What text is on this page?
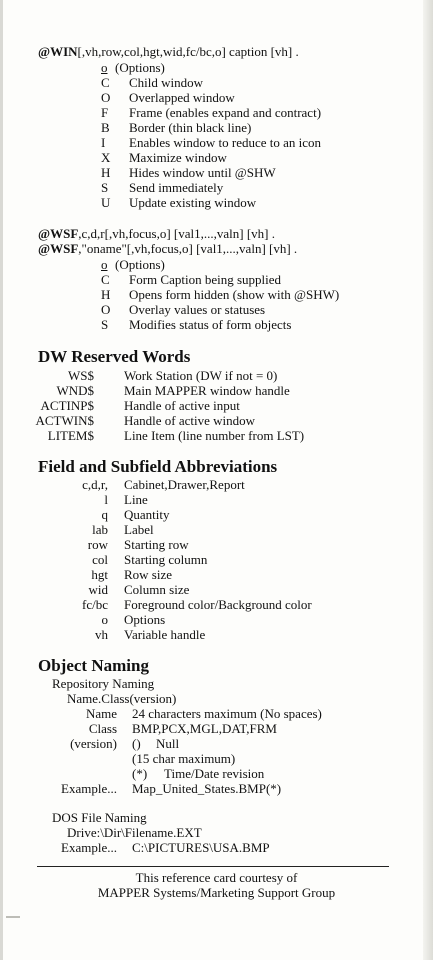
@WIN[,vh,row,col,hgt,wid,fc/bc,o] caption [vh] .
o (Options)
C Child window
O Overlapped window
F Frame (enables expand and contract)
B Border (thin black line)
I Enables window to reduce to an icon
X Maximize window
H Hides window until @SHW
S Send immediately
U Update existing window
@WSF,c,d,r[,vh,focus,o] [val1,...,valn] [vh] .
@WSF,"oname"[,vh,focus,o] [val1,...,valn] [vh] .
o (Options)
C Form Caption being supplied
H Opens form hidden (show with @SHW)
O Overlay values or statuses
S Modifies status of form objects
DW Reserved Words
WS$ Work Station (DW if not = 0)
WND$ Main MAPPER window handle
ACTINP$ Handle of active input
ACTWIN$ Handle of active window
LITEM$ Line Item (line number from LST)
Field and Subfield Abbreviations
c,d,r, Cabinet,Drawer,Report
l Line
q Quantity
lab Label
row Starting row
col Starting column
hgt Row size
wid Column size
fc/bc Foreground color/Background color
o Options
vh Variable handle
Object Naming
Repository Naming
Name.Class(version)
Name 24 characters maximum (No spaces)
Class BMP,PCX,MGL,DAT,FRM
(version) () Null
(15 char maximum)
(*) Time/Date revision
Example... Map_United_States.BMP(*)
DOS File Naming
Drive:\Dir\Filename.EXT
Example... C:\PICTURES\USA.BMP
This reference card courtesy of
MAPPER Systems/Marketing Support Group
